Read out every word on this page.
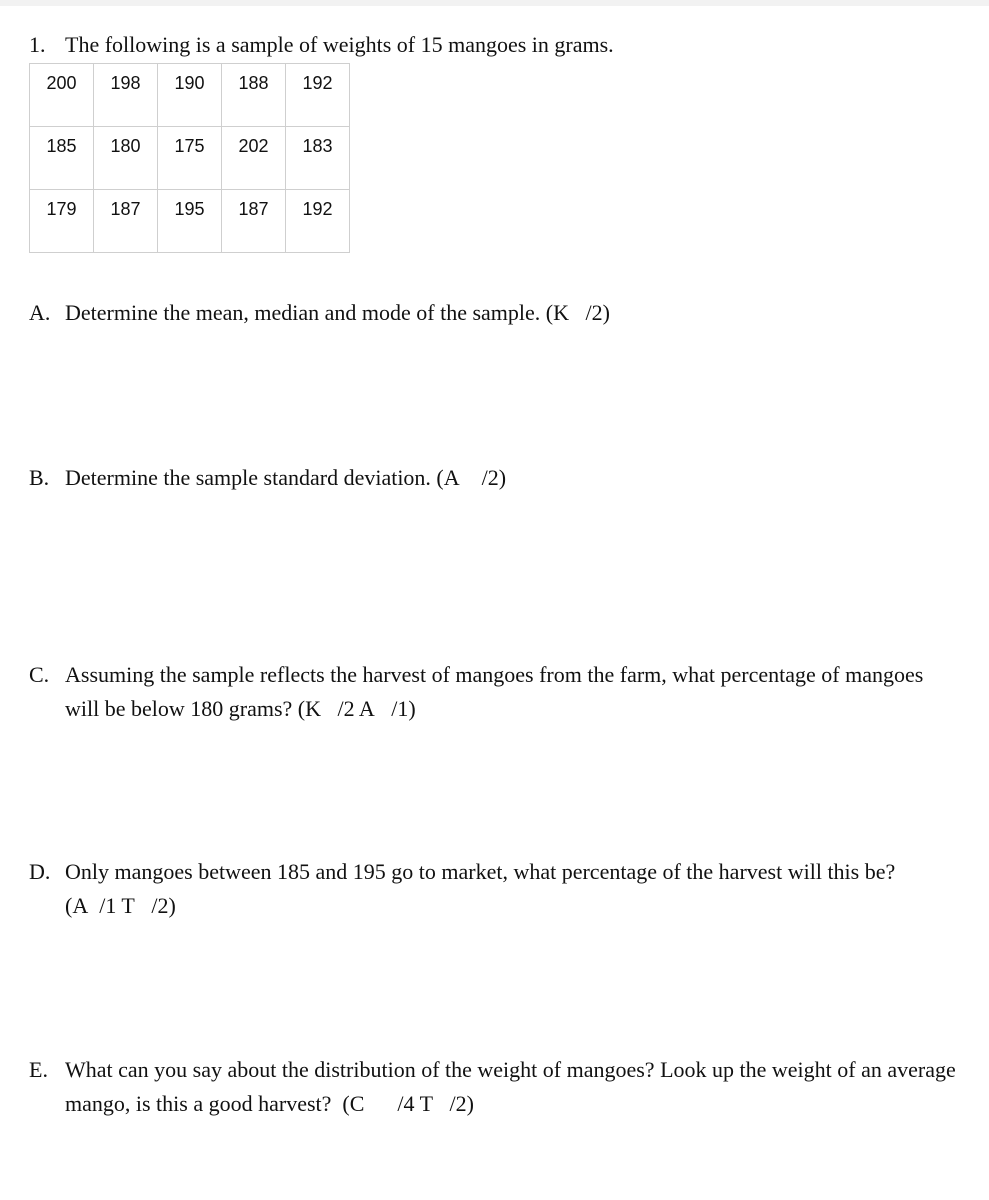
1. The following is a sample of weights of 15 mangoes in grams.
200	198	190	188	192

185	180	175	202	183

179	187	195	187	192
A. Determine the mean, median and mode of the sample. (K   /2)
B. Determine the sample standard deviation. (A    /2)
C. Assuming the sample reflects the harvest of mangoes from the farm, what percentage of mangoes will be below 180 grams? (K   /2 A   /1)
D. Only mangoes between 185 and 195 go to market, what percentage of the harvest will this be? (A  /1 T   /2)
E. What can you say about the distribution of the weight of mangoes? Look up the weight of an average mango, is this a good harvest?  (C      /4 T   /2)
